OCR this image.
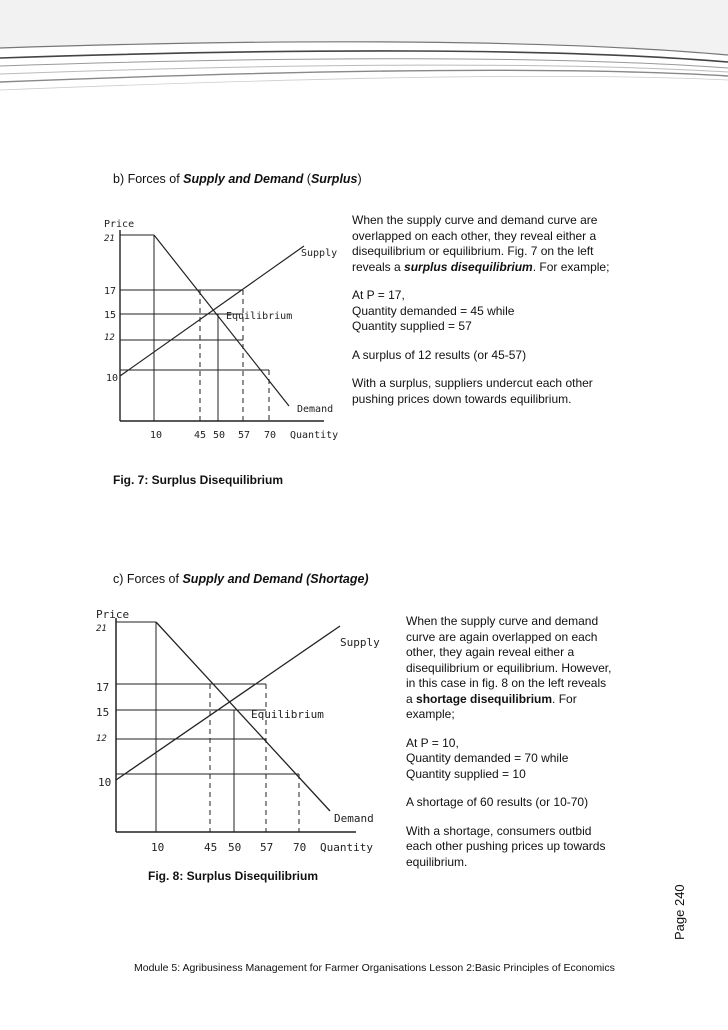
b) Forces of Supply and Demand (Surplus)
Price
21
17
15
12
10
Supply
Equilibrium
Demand
10	45 50 57 70 Quantity

When the supply curve and demand curve are overlapped on each other, they reveal either a disequilibrium or equilibrium. Fig. 7 on the left reveals a surplus disequilibrium. For example;

At P = 17,
Quantity demanded = 45 while
Quantity supplied = 57

A surplus of 12 results (or 45-57)

With a surplus, suppliers undercut each other pushing prices down towards equilibrium.

Fig. 7: Surplus Disequilibrium
c) Forces of Supply and Demand (Shortage)
Price
21
17
15
12
10
Supply
Equilibrium
Demand
10	45 50 57 70 Quantity

When the supply curve and demand curve are again overlapped on each other, they again reveal either a disequilibrium or equilibrium. However, in this case in fig. 8 on the left reveals a shortage disequilibrium. For example;

At P = 10,
Quantity demanded = 70 while
Quantity supplied = 10

A shortage of 60 results (or 10-70)

With a shortage, consumers outbid each other pushing prices up towards equilibrium.

Fig. 8: Surplus Disequilibrium
Page 240
Module 5: Agribusiness Management for Farmer Organisations Lesson 2:Basic Principles of Economics
